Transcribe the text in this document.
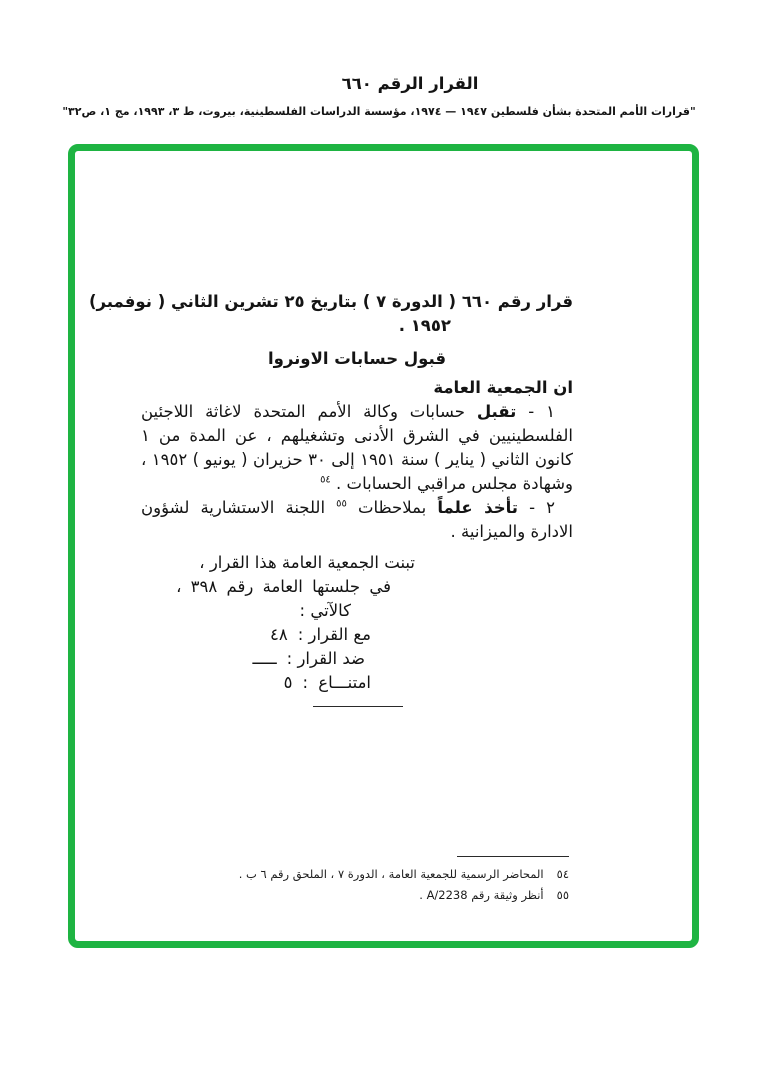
القرار الرقم ٦٦٠
"قرارات الأمم المتحدة بشأن فلسطين ١٩٤٧ — ١٩٧٤، مؤسسة الدراسات الفلسطينية، بيروت، ط ٣، ١٩٩٣، مج ١، ص٣٢"
قرار رقم ٦٦٠ ( الدورة ٧ ) بتاريخ ٢٥ تشرين الثاني ( نوفمبر)
١٩٥٢ .
قبول حسابات الاونروا
ان الجمعية العامة

١ - تقبل حسابات وكالة الأمم المتحدة لاغاثة اللاجئين الفلسطينيين في الشرق الأدنى وتشغيلهم ، عن المدة من ١ كانون الثاني ( يناير ) سنة ١٩٥١ إلى ٣٠ حزيران ( يونيو ) ١٩٥٢ ، وشهادة مجلس مراقبي الحسابات . $^{٥٤}$

٢ - تأخذ علماً بملاحظات $^{٥٥}$ اللجنة الاستشارية لشؤون الادارة والميزانية .

تبنت الجمعية العامة هذا القرار ،
في جلستها العامة رقم ٣٩٨ ،
كالآتي :
مع القرار :٤٨
ضد القرار :ـــــ
امتنـــاع :٥
٥٤المحاضر الرسمية للجمعية العامة ، الدورة ٧ ، الملحق رقم ٦ ب .
٥٥أنظر وثيقة رقم A/2238 .
